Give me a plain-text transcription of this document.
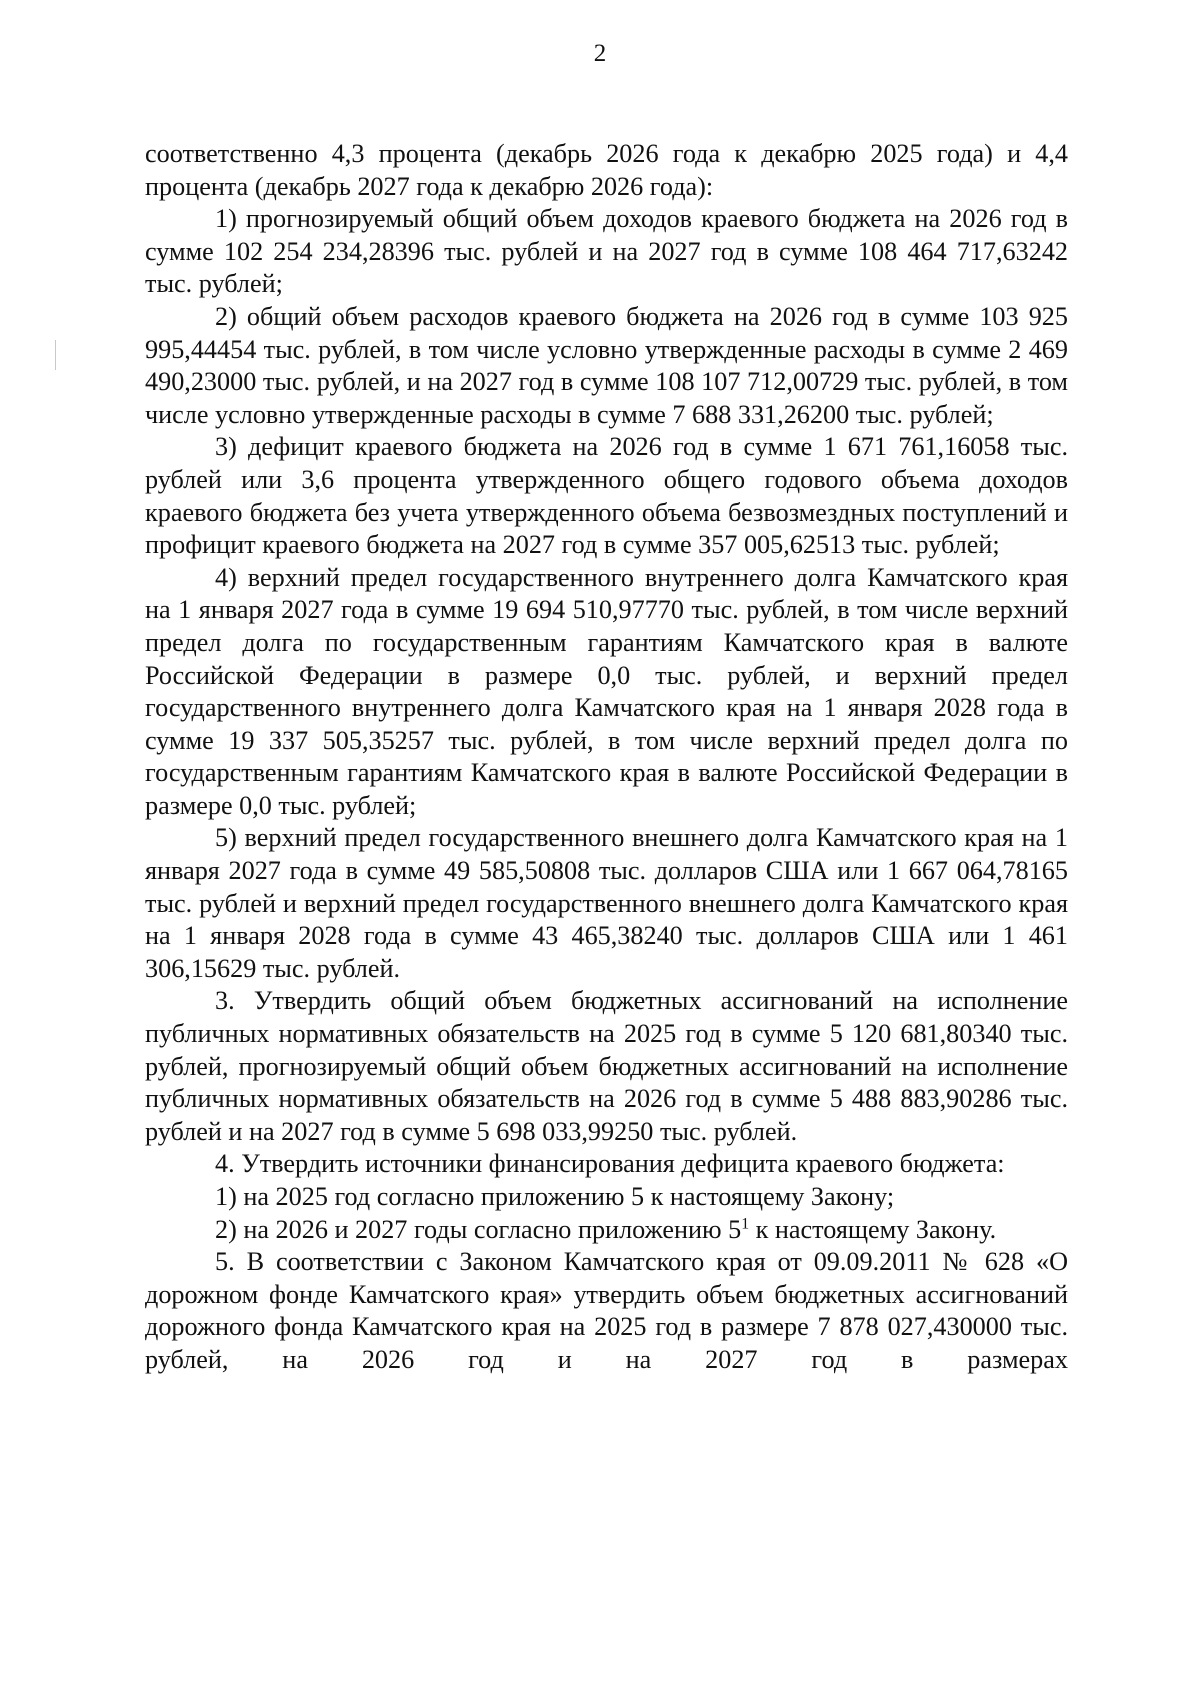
2

соответственно 4,3 процента (декабрь 2026 года к декабрю 2025 года) и 4,4 процента (декабрь 2027 года к декабрю 2026 года):

1) прогнозируемый общий объем доходов краевого бюджета на 2026 год в сумме 102 254 234,28396 тыс. рублей и на 2027 год в сумме 108 464 717,63242 тыс. рублей;

2) общий объем расходов краевого бюджета на 2026 год в сумме 103 925 995,44454 тыс. рублей, в том числе условно утвержденные расходы в сумме 2 469 490,23000 тыс. рублей, и на 2027 год в сумме 108 107 712,00729 тыс. рублей, в том числе условно утвержденные расходы в сумме 7 688 331,26200 тыс. рублей;

3) дефицит краевого бюджета на 2026 год в сумме 1 671 761,16058 тыс. рублей или 3,6 процента утвержденного общего годового объема доходов краевого бюджета без учета утвержденного объема безвозмездных поступлений и профицит краевого бюджета на 2027 год в сумме 357 005,62513 тыс. рублей;

4) верхний предел государственного внутреннего долга Камчатского края на 1 января 2027 года в сумме 19 694 510,97770 тыс. рублей, в том числе верхний предел долга по государственным гарантиям Камчатского края в валюте Российской Федерации в размере 0,0 тыс. рублей, и верхний предел государственного внутреннего долга Камчатского края на 1 января 2028 года в сумме 19 337 505,35257 тыс. рублей, в том числе верхний предел долга по государственным гарантиям Камчатского края в валюте Российской Федерации в размере 0,0 тыс. рублей;

5) верхний предел государственного внешнего долга Камчатского края на 1 января 2027 года в сумме 49 585,50808 тыс. долларов США или 1 667 064,78165 тыс. рублей и верхний предел государственного внешнего долга Камчатского края на 1 января 2028 года в сумме 43 465,38240 тыс. долларов США или 1 461 306,15629 тыс. рублей.

3. Утвердить общий объем бюджетных ассигнований на исполнение публичных нормативных обязательств на 2025 год в сумме 5 120 681,80340 тыс. рублей, прогнозируемый общий объем бюджетных ассигнований на исполнение публичных нормативных обязательств на 2026 год в сумме 5 488 883,90286 тыс. рублей и на 2027 год в сумме 5 698 033,99250 тыс. рублей.

4. Утвердить источники финансирования дефицита краевого бюджета:

1) на 2025 год согласно приложению 5 к настоящему Закону;

2) на 2026 и 2027 годы согласно приложению $5^1$ к настоящему Закону.

5. В соответствии с Законом Камчатского края от 09.09.2011 № 628 «О дорожном фонде Камчатского края» утвердить объем бюджетных ассигнований дорожного фонда Камчатского края на 2025 год в размере 7 878 027,430000 тыс. рублей, на 2026 год и на 2027 год в размерах
